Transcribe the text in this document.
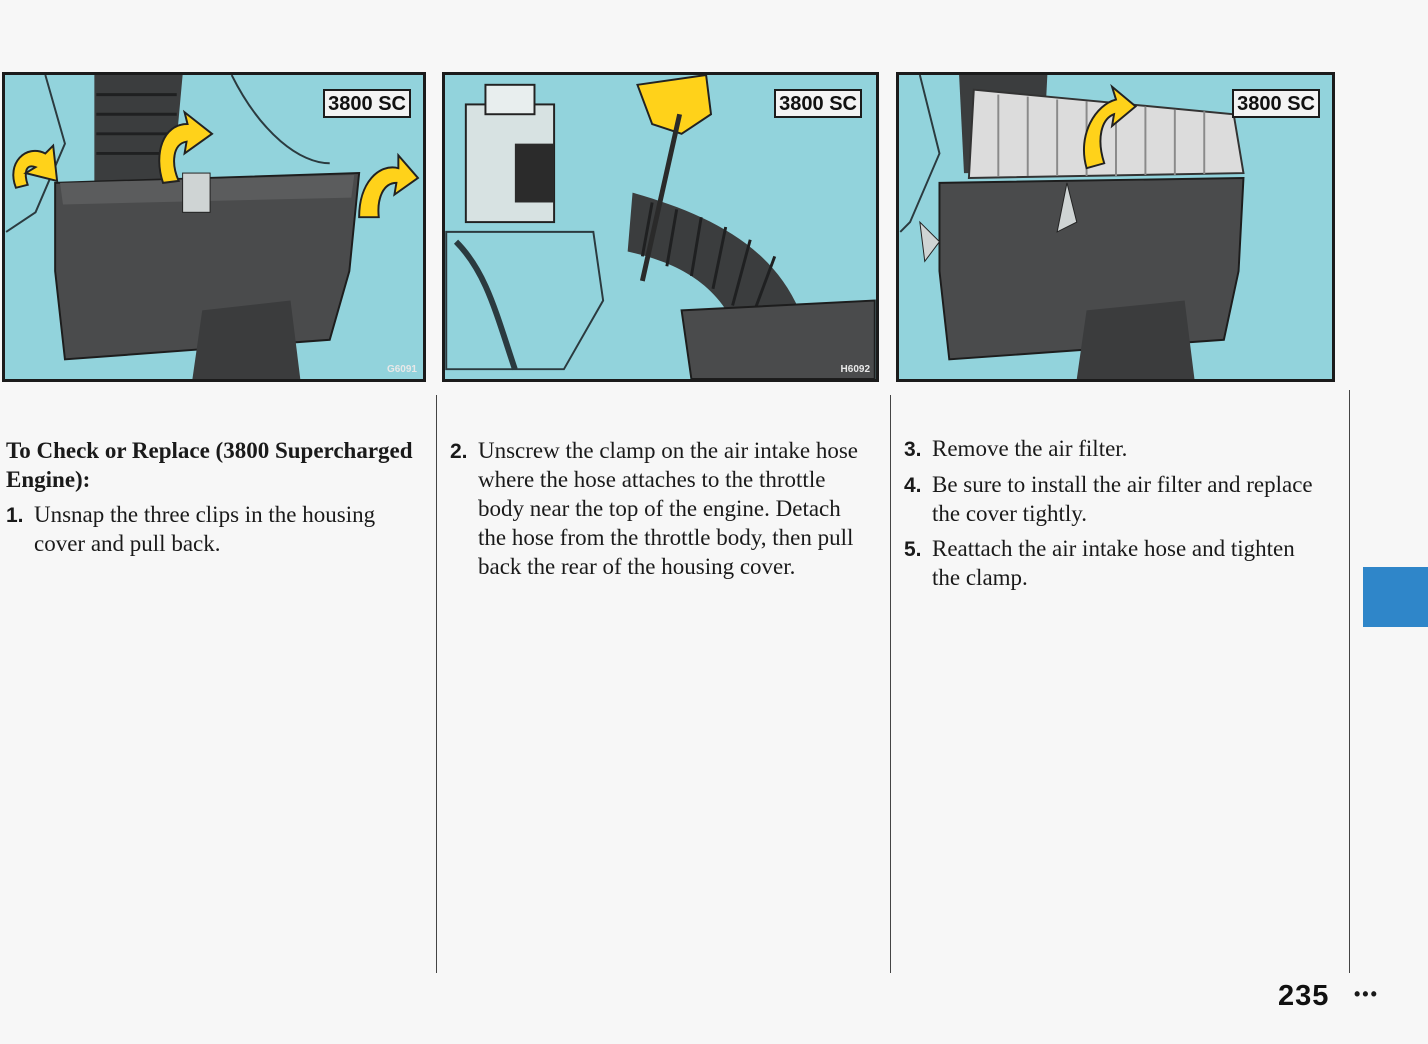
3800 SC
G6091
3800 SC
H6092
3800 SC
To Check or Replace (3800 Supercharged Engine):
1. Unsnap the three clips in the housing cover and pull back.
2. Unscrew the clamp on the air intake hose where the hose attaches to the throttle body near the top of the engine. Detach the hose from the throttle body, then pull back the rear of the housing cover.
3. Remove the air filter.
4. Be sure to install the air filter and replace the cover tightly.
5. Reattach the air intake hose and tighten the clamp.
235 •••
